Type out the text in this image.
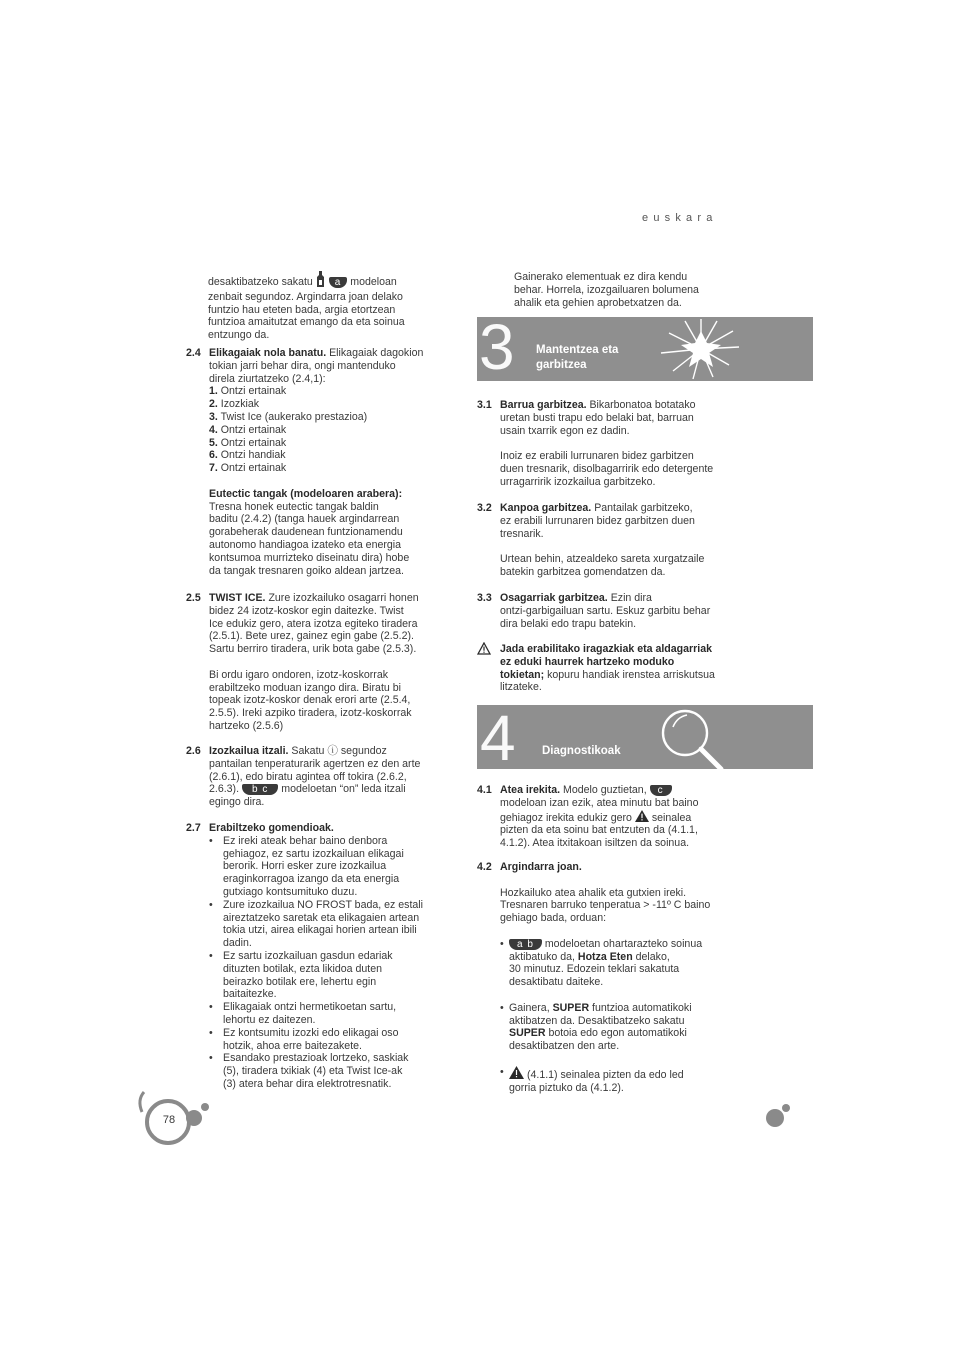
euskara
desaktibatzeko sakatu a modeloan
zenbait segundoz. Argindarra joan delako
funtzio hau eteten bada, argia etortzean
funtzioa amaitutzat emango da eta soinua
entzungo da.
2.4 Elikagaiak nola banatu. Elikagaiak dagokion
tokian jarri behar dira, ongi mantenduko
direla ziurtatzeko (2.4,1):
1. Ontzi ertainak
2. Izozkiak
3. Twist Ice (aukerako prestazioa)
4. Ontzi ertainak
5. Ontzi ertainak
6. Ontzi handiak
7. Ontzi ertainak
Eutectic tangak (modeloaren arabera):
Tresna honek eutectic tangak baldin
baditu (2.4.2) (tanga hauek argindarrean
gorabeherak daudenean funtzionamendu
autonomo handiagoa izateko eta energia
kontsumoa murrizteko diseinatu dira) hobe
da tangak tresnaren goiko aldean jartzea.
2.5 TWIST ICE. Zure izozkailuko osagarri honen
bidez 24 izotz-koskor egin daitezke. Twist
Ice edukiz gero, atera izotza egiteko tiradera
(2.5.1). Bete urez, gainez egin gabe (2.5.2).
Sartu berriro tiradera, urik bota gabe (2.5.3).
Bi ordu igaro ondoren, izotz-koskorrak
erabiltzeko moduan izango dira. Biratu bi
topeak izotz-koskor denak erori arte (2.5.4,
2.5.5). Ireki azpiko tiradera, izotz-koskorrak
hartzeko (2.5.6)
2.6 Izozkailua itzali. Sakatu ⓘ segundoz
pantailan tenperaturarik agertzen ez den arte
(2.6.1), edo biratu agintea off tokira (2.6.2,
2.6.3). b c modeloetan “on” leda itzali
egingo dira.
2.7 Erabiltzeko gomendioak.
• Ez ireki ateak behar baino denbora
gehiagoz, ez sartu izozkailuan elikagai
berorik. Horri esker zure izozkailua
eraginkorragoa izango da eta energia
gutxiago kontsumituko duzu.
• Zure izozkailua NO FROST bada, ez estali
aireztatzeko saretak eta elikagaien artean
tokia utzi, airea elikagai horien artean ibili
dadin.
• Ez sartu izozkailuan gasdun edariak
dituzten botilak, ezta likidoa duten
beirazko botilak ere, lehertu egin
baitaitezke.
• Elikagaiak ontzi hermetikoetan sartu,
lehortu ez daitezen.
• Ez kontsumitu izozki edo elikagai oso
hotzik, ahoa erre baitezakete.
• Esandako prestazioak lortzeko, saskiak
(5), tiradera txikiak (4) eta Twist Ice-ak
(3) atera behar dira elektrotresnatik.
Gainerako elementuak ez dira kendu
behar. Horrela, izozgailuaren bolumena
ahalik eta gehien aprobetxatzen da.
3 Mantentzea eta
garbitzea
3.1 Barrua garbitzea. Bikarbonatoa botatako
uretan busti trapu edo belaki bat, barruan
usain txarrik egon ez dadin.
Inoiz ez erabili lurrunaren bidez garbitzen
duen tresnarik, disolbagarririk edo detergente
urragarririk izozkailua garbitzeko.
3.2 Kanpoa garbitzea. Pantailak garbitzeko,
ez erabili lurrunaren bidez garbitzen duen
tresnarik.
Urtean behin, atzealdeko sareta xurgatzaile
batekin garbitzea gomendatzen da.
3.3 Osagarriak garbitzea. Ezin dira
ontzi-garbigailuan sartu. Eskuz garbitu behar
dira belaki edo trapu batekin.
Jada erabilitako iragazkiak eta aldagarriak
ez eduki haurrek hartzeko moduko
tokietan; kopuru handiak irenstea arriskutsua
litzateke.
4 Diagnostikoak
4.1 Atea irekita. Modelo guztietan, c
modeloan izan ezik, atea minutu bat baino
gehiagoz irekita edukiz gero seinalea
pizten da eta soinu bat entzuten da (4.1.1,
4.1.2). Atea itxitakoan isiltzen da soinua.
4.2 Argindarra joan.
Hozkailuko atea ahalik eta gutxien ireki.
Tresnaren barruko tenperatua > -11º C baino
gehiago bada, orduan:
•	a b modeloetan ohartarazteko soinua
aktibatuko da, Hotza Eten delako,
30 minutuz. Edozein teklari sakatuta
desaktibatu daiteke.
• Gainera, SUPER funtzioa automatikoki
aktibatzen da. Desaktibatzeko sakatu
SUPER botoia edo egon automatikoki
desaktibatzen den arte.
•	(4.1.1) seinalea pizten da edo led
gorria piztuko da (4.1.2).
78
